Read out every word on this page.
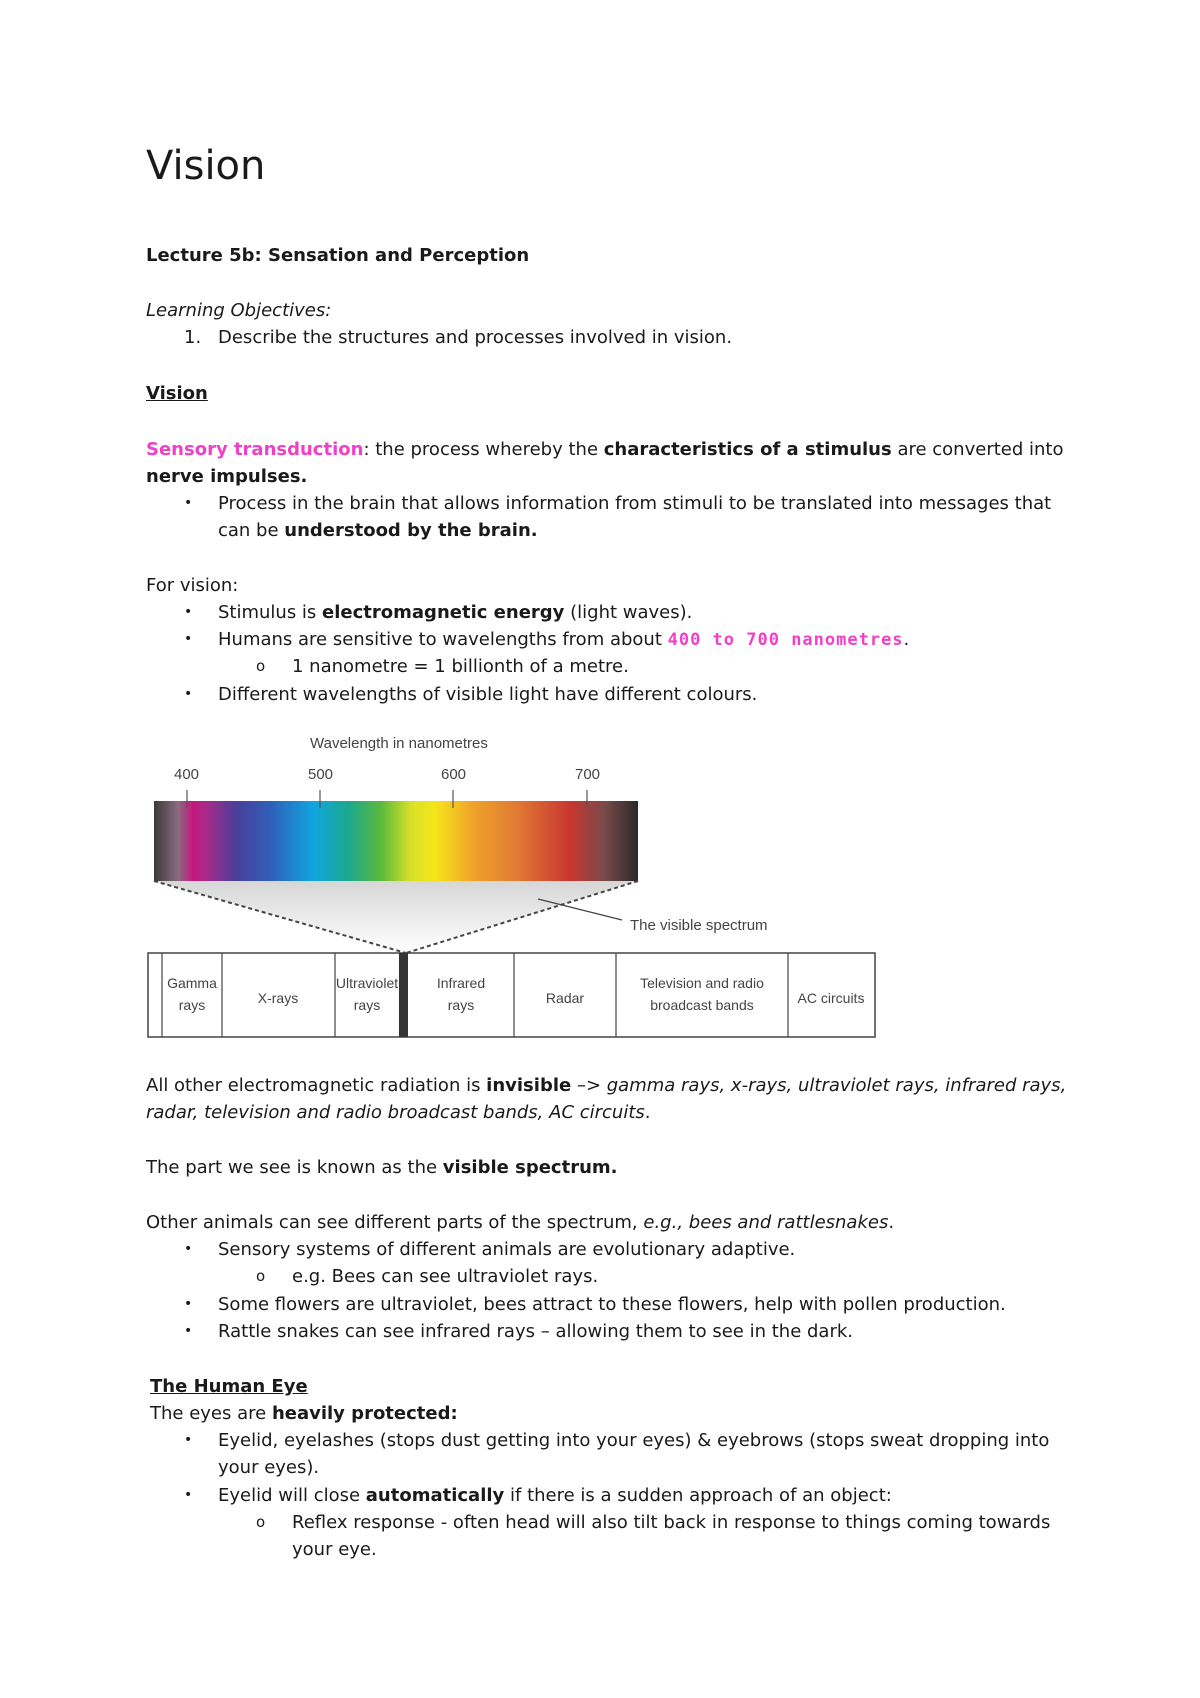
Vision
Lecture 5b: Sensation and Perception
Learning Objectives:
1. Describe the structures and processes involved in vision.
Vision
Sensory transduction: the process whereby the characteristics of a stimulus are converted into
nerve impulses.
• Process in the brain that allows information from stimuli to be translated into messages that
can be understood by the brain.
For vision:
• Stimulus is electromagnetic energy (light waves).
• Humans are sensitive to wavelengths from about 400 to 700 nanometres.
o 1 nanometre = 1 billionth of a metre.
• Different wavelengths of visible light have different colours.
Wavelength in nanometres
400	500	600	700
The visible spectrum
Gamma
rays	X-rays
Ultraviolet
rays
Infrared
rays	Radar
Television and radio
broadcast bands	AC circuits
All other electromagnetic radiation is invisible –> gamma rays, x-rays, ultraviolet rays, infrared rays,
radar, television and radio broadcast bands, AC circuits.
The part we see is known as the visible spectrum.
Other animals can see different parts of the spectrum, e.g., bees and rattlesnakes.
• Sensory systems of different animals are evolutionary adaptive.
o e.g. Bees can see ultraviolet rays.
• Some flowers are ultraviolet, bees attract to these flowers, help with pollen production.
• Rattle snakes can see infrared rays – allowing them to see in the dark.
The Human Eye
The eyes are heavily protected:
• Eyelid, eyelashes (stops dust getting into your eyes) & eyebrows (stops sweat dropping into
your eyes).
• Eyelid will close automatically if there is a sudden approach of an object:
o Reflex response - often head will also tilt back in response to things coming towards
your eye.
